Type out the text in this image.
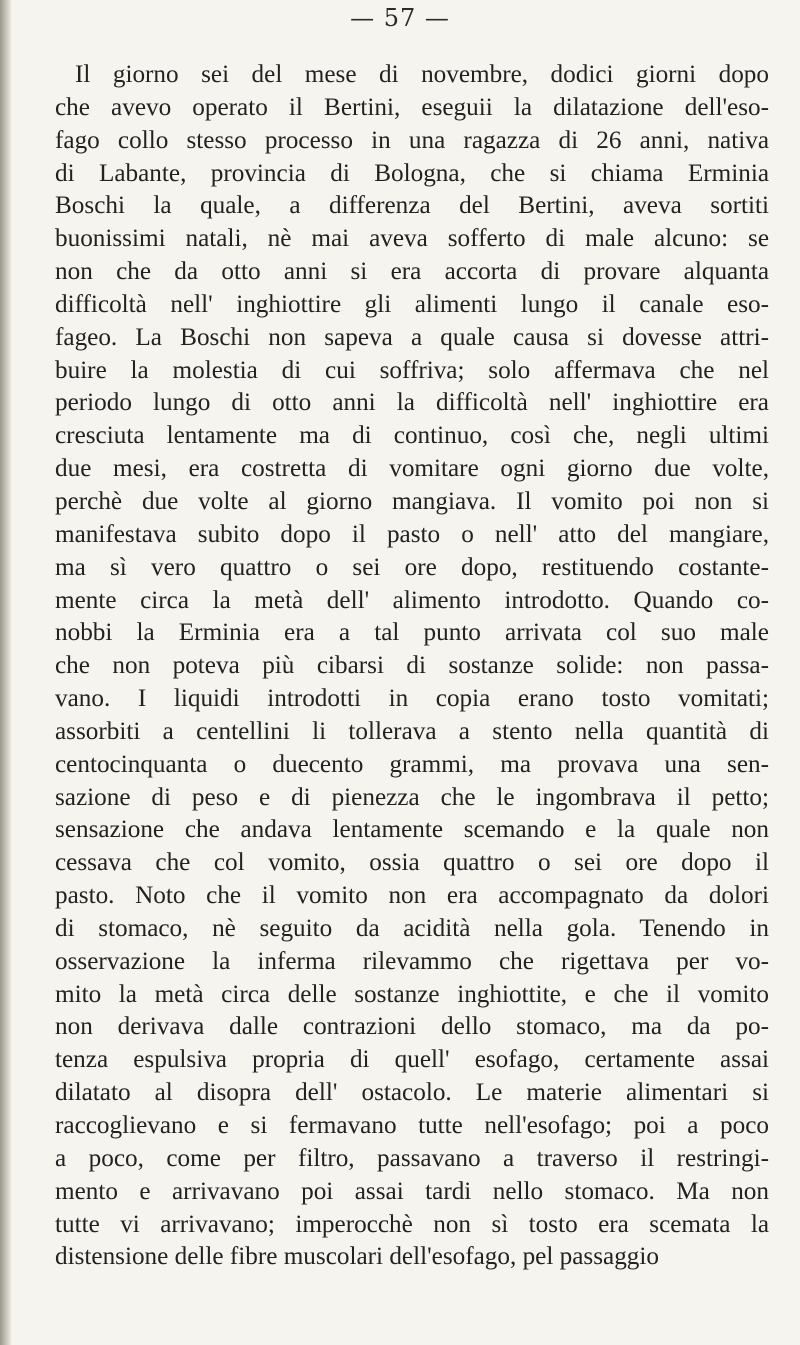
— 57 —
Il giorno sei del mese di novembre, dodici giorni dopo
che avevo operato il Bertini, eseguii la dilatazione dell'eso-
fago collo stesso processo in una ragazza di 26 anni, nativa
di Labante, provincia di Bologna, che si chiama Erminia
Boschi la quale, a differenza del Bertini, aveva sortiti
buonissimi natali, nè mai aveva sofferto di male alcuno: se
non che da otto anni si era accorta di provare alquanta
difficoltà nell' inghiottire gli alimenti lungo il canale eso-
fageo. La Boschi non sapeva a quale causa si dovesse attri-
buire la molestia di cui soffriva; solo affermava che nel
periodo lungo di otto anni la difficoltà nell' inghiottire era
cresciuta lentamente ma di continuo, così che, negli ultimi
due mesi, era costretta di vomitare ogni giorno due volte,
perchè due volte al giorno mangiava. Il vomito poi non si
manifestava subito dopo il pasto o nell' atto del mangiare,
ma sì vero quattro o sei ore dopo, restituendo costante-
mente circa la metà dell' alimento introdotto. Quando co-
nobbi la Erminia era a tal punto arrivata col suo male
che non poteva più cibarsi di sostanze solide: non passa-
vano. I liquidi introdotti in copia erano tosto vomitati;
assorbiti a centellini li tollerava a stento nella quantità di
centocinquanta o duecento grammi, ma provava una sen-
sazione di peso e di pienezza che le ingombrava il petto;
sensazione che andava lentamente scemando e la quale non
cessava che col vomito, ossia quattro o sei ore dopo il
pasto. Noto che il vomito non era accompagnato da dolori
di stomaco, nè seguito da acidità nella gola. Tenendo in
osservazione la inferma rilevammo che rigettava per vo-
mito la metà circa delle sostanze inghiottite, e che il vomito
non derivava dalle contrazioni dello stomaco, ma da po-
tenza espulsiva propria di quell' esofago, certamente assai
dilatato al disopra dell' ostacolo. Le materie alimentari si
raccoglievano e si fermavano tutte nell'esofago; poi a poco
a poco, come per filtro, passavano a traverso il restringi-
mento e arrivavano poi assai tardi nello stomaco. Ma non
tutte vi arrivavano; imperocchè non sì tosto era scemata la
distensione delle fibre muscolari dell'esofago, pel passaggio
